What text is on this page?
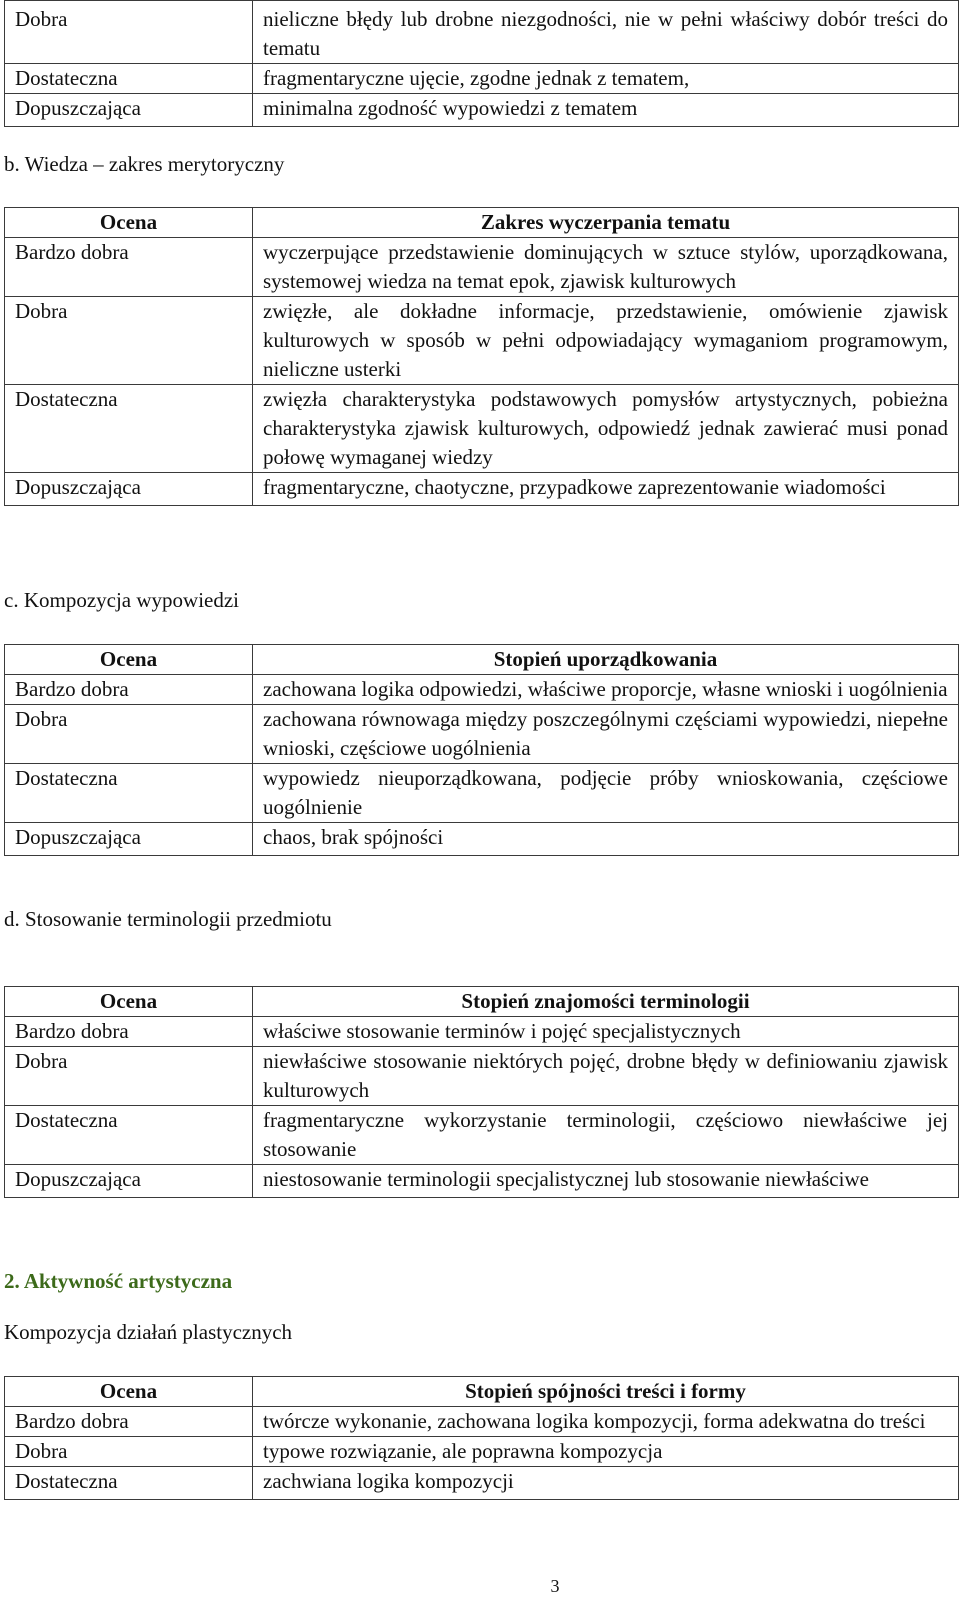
Dobra	nieliczne błędy lub drobne niezgodności, nie w pełni właściwy dobór treści do tematu
Dostateczna	fragmentaryczne ujęcie, zgodne jednak z tematem,
Dopuszczająca	minimalna zgodność wypowiedzi z tematem

b. Wiedza – zakres merytoryczny

Ocena	Zakres wyczerpania tematu
Bardzo dobra	wyczerpujące przedstawienie dominujących w sztuce stylów, uporządkowana, systemowej wiedza na temat epok, zjawisk kulturowych
Dobra	zwięzłe, ale dokładne informacje, przedstawienie, omówienie zjawisk kulturowych w sposób w pełni odpowiadający wymaganiom programowym, nieliczne usterki
Dostateczna	zwięzła charakterystyka podstawowych pomysłów artystycznych, pobieżna charakterystyka zjawisk kulturowych, odpowiedź jednak zawierać musi ponad połowę wymaganej wiedzy
Dopuszczająca	fragmentaryczne, chaotyczne, przypadkowe zaprezentowanie wiadomości

c. Kompozycja wypowiedzi

Ocena	Stopień uporządkowania
Bardzo dobra	zachowana logika odpowiedzi, właściwe proporcje, własne wnioski i uogólnienia
Dobra	zachowana równowaga między poszczególnymi częściami wypowiedzi, niepełne wnioski, częściowe uogólnienia
Dostateczna	wypowiedz nieuporządkowana, podjęcie próby wnioskowania, częściowe uogólnienie
Dopuszczająca	chaos, brak spójności

d. Stosowanie terminologii przedmiotu

Ocena	Stopień znajomości terminologii
Bardzo dobra	właściwe stosowanie terminów i pojęć specjalistycznych
Dobra	niewłaściwe stosowanie niektórych pojęć, drobne błędy w definiowaniu zjawisk kulturowych
Dostateczna	fragmentaryczne wykorzystanie terminologii, częściowo niewłaściwe jej stosowanie
Dopuszczająca	niestosowanie terminologii specjalistycznej lub stosowanie niewłaściwe

2. Aktywność artystyczna

Kompozycja działań plastycznych

Ocena	Stopień spójności treści i formy
Bardzo dobra	twórcze wykonanie, zachowana logika kompozycji, forma adekwatna do treści
Dobra	typowe rozwiązanie, ale poprawna kompozycja
Dostateczna	zachwiana logika kompozycji
3
